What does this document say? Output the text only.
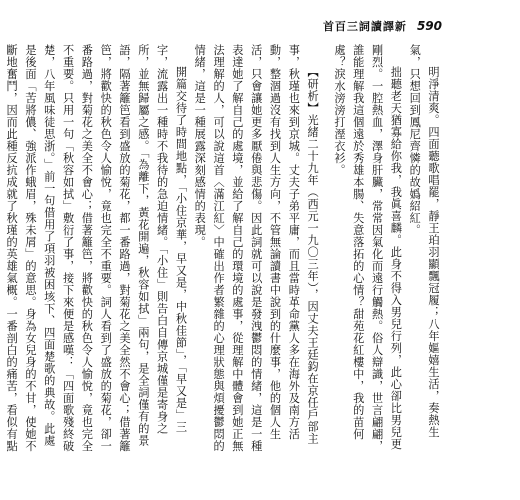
首百三詞讀譯新 590

明淨清爽。四面聽歌唱罷，靜王珀羽顯飄冠履；八年嫗嬉生活，奏熱生氣，只想回到鳳尼齊憐的故嬀紹紅。

拙聽老天猶寡給你我，我眞喜麟。此身不得入男兒行列，此心卻比男兒更剛烈。一腔熱血，澤身肝臟，常常因氣化而遠行觸熱。俗人辯識，世言翩翩，誰能理解我這個遠於秀雄本腸、失意落拓的心情？甜苑花紅樓中，我的苗何處？淚水滂滂打溼衣衫。

【研析】光緒二十九年（西元一九〇三年），因丈夫王廷鈞在京任戶部主事，秋瑾也來到京城。丈夫子弟平庸，而且當時革命黨人多在海外及南方活動，整涸過沒有找到人生方向，不管無論讀書中說到的什麼事，他的個人生活，只會讓她更多厭倦與悲傷。因此詞就可以說是發洩鬱悶的情緒，這是一種表達她了解自己的處境，並給了解自己的環境的處事，從理解中體會到她正無法理解的人，可以說這首〈滿江紅〉中確出作者繁雜的心理狀態與煩擾鬱悶的情緒，這是一種展露深刻感情的表現。

開篇交待了時間地點，「小住京華，早又是，中秋佳節」，「早又是」三字，流露出一種時不我待的急迫情緒。「小住」則告白自傳京城僅是寄身之所，並無歸屬之感。「為離下，黃花開遍，秋容如拭」兩句，是全詞僅有的景語，隔著籬笆看到盛放的菊花，都一番路過，對菊花之美全然不會心；借著籬笆，將歡快的秋色令人愉悅，竟也完全不重要。詞人看到了盛放的菊花，卻一番路過，對菊花之美全不會心；借著籬笆，將歡快的秋色令人愉悅，竟也完全不重要。只用一句「秋容如拭」敷衍了事，接下來便是感嘆：「四面歌殘終破楚，八年風味徒思浙。」前一句借用了項羽被困垓下、四面楚歌的典故。此處是後面「苦將儂、強派作蛾眉，殊未屑」的意思。身為女兒身的不甘，使她不斷地奮鬥，因而此種反抗成就了秋瑾的英雄氣概。一番剖白的痛苦，看似有點
